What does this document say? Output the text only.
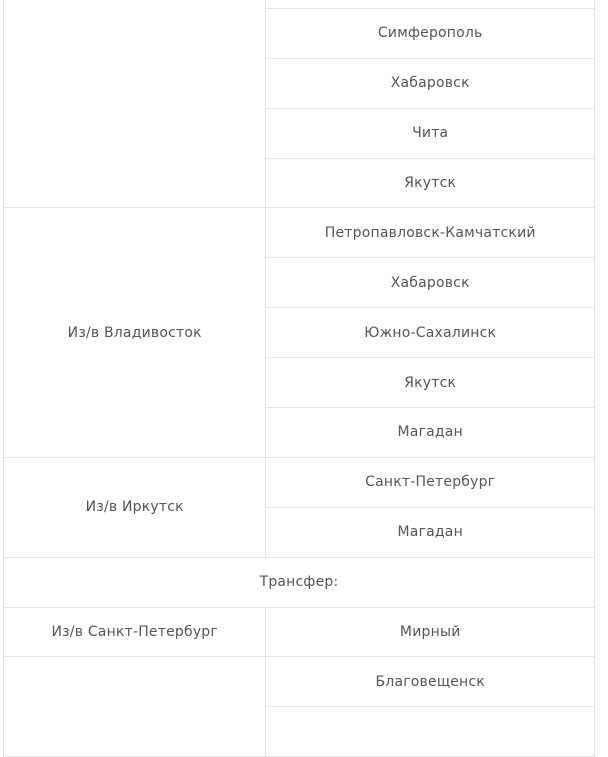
	Симферополь
	Хабаровск
	Чита
	Якутск
Из/в Владивосток	Петропавловск-Камчатский
	Хабаровск
	Южно-Сахалинск
	Якутск
	Магадан
Из/в Иркутск	Санкт-Петербург
	Магадан
Трансфер:	
Из/в Санкт-Петербург	Мирный
	Благовещенск
